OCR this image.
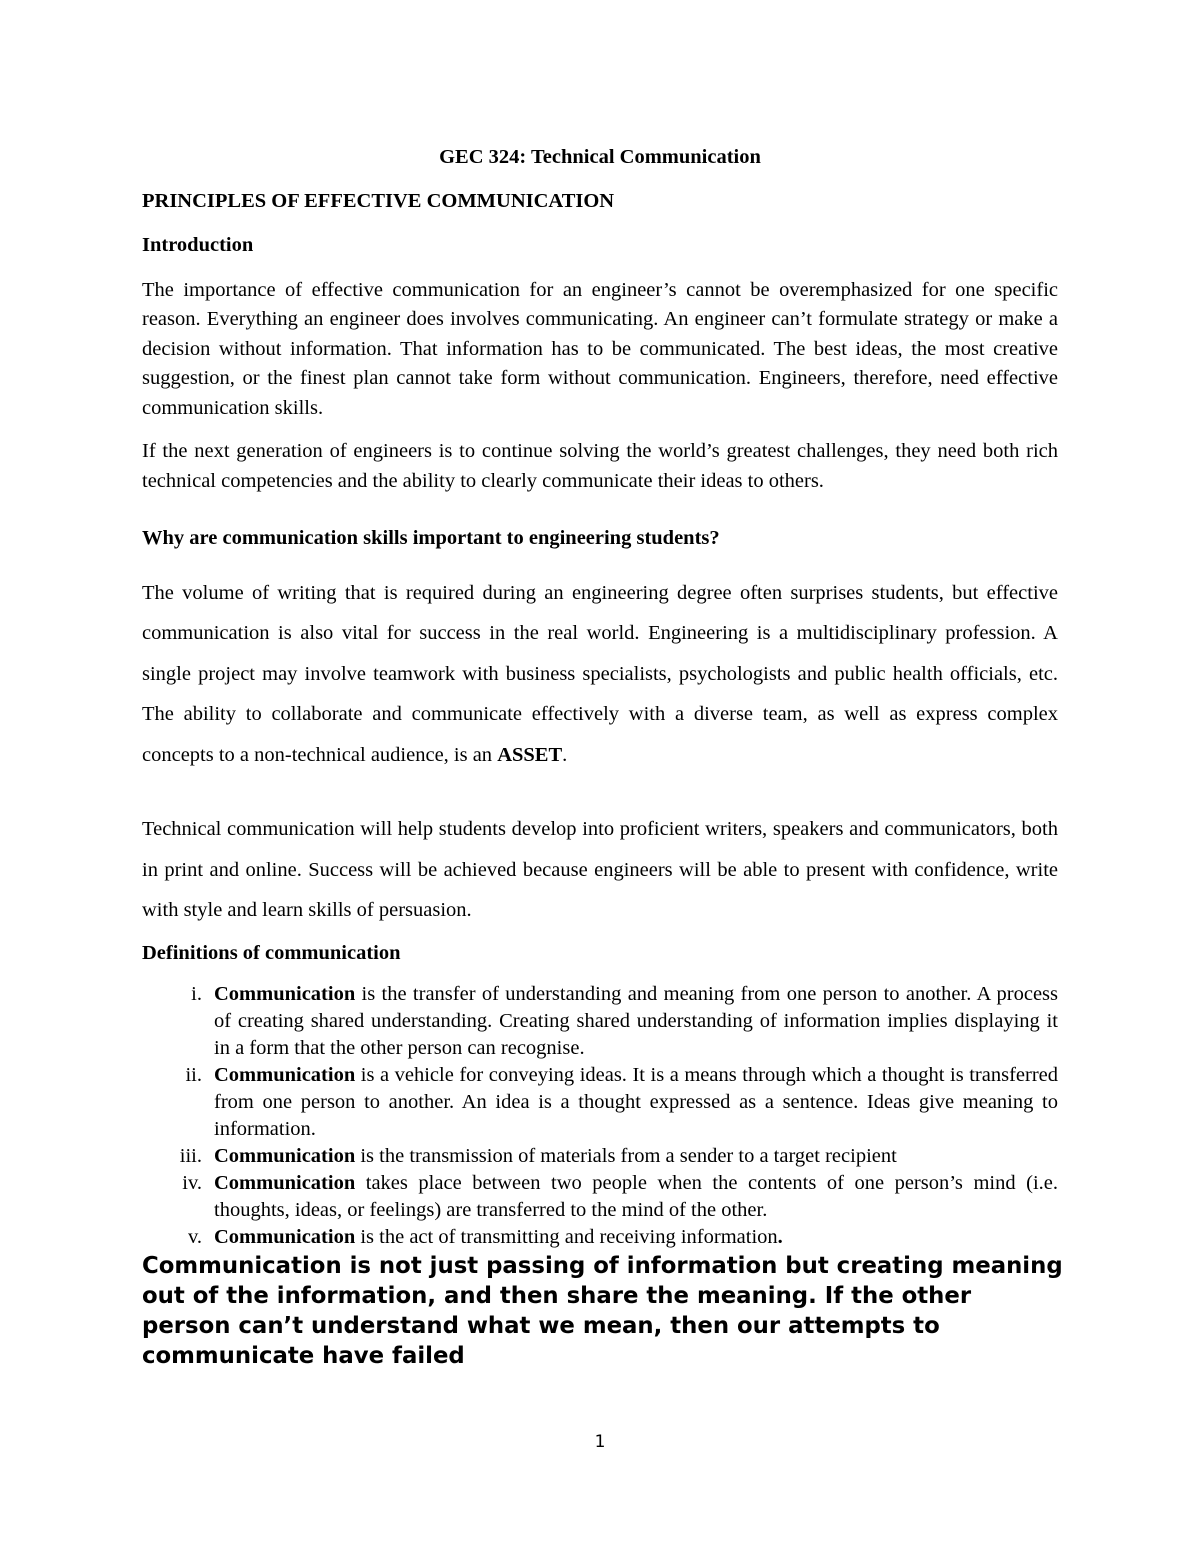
GEC 324: Technical Communication
PRINCIPLES OF EFFECTIVE COMMUNICATION
Introduction

The importance of effective communication for an engineer’s cannot be overemphasized for one specific reason. Everything an engineer does involves communicating. An engineer can’t formulate strategy or make a decision without information. That information has to be communicated. The best ideas, the most creative suggestion, or the finest plan cannot take form without communication. Engineers, therefore, need effective communication skills.

If the next generation of engineers is to continue solving the world’s greatest challenges, they need both rich technical competencies and the ability to clearly communicate their ideas to others.

Why are communication skills important to engineering students?

The volume of writing that is required during an engineering degree often surprises students, but effective communication is also vital for success in the real world. Engineering is a multidisciplinary profession. A single project may involve teamwork with business specialists, psychologists and public health officials, etc. The ability to collaborate and communicate effectively with a diverse team, as well as express complex concepts to a non-technical audience, is an ASSET.

Technical communication will help students develop into proficient writers, speakers and communicators, both in print and online. Success will be achieved because engineers will be able to present with confidence, write with style and learn skills of persuasion.

Definitions of communication
i. Communication is the transfer of understanding and meaning from one person to another. A process of creating shared understanding. Creating shared understanding of information implies displaying it in a form that the other person can recognise.
ii. Communication is a vehicle for conveying ideas. It is a means through which a thought is transferred from one person to another. An idea is a thought expressed as a sentence. Ideas give meaning to information.
iii. Communication is the transmission of materials from a sender to a target recipient
iv. Communication takes place between two people when the contents of one person’s mind (i.e. thoughts, ideas, or feelings) are transferred to the mind of the other.
v. Communication is the act of transmitting and receiving information.

Communication is not just passing of information but creating meaning out of the information, and then share the meaning. If the other person can’t understand what we mean, then our attempts to communicate have failed

1
